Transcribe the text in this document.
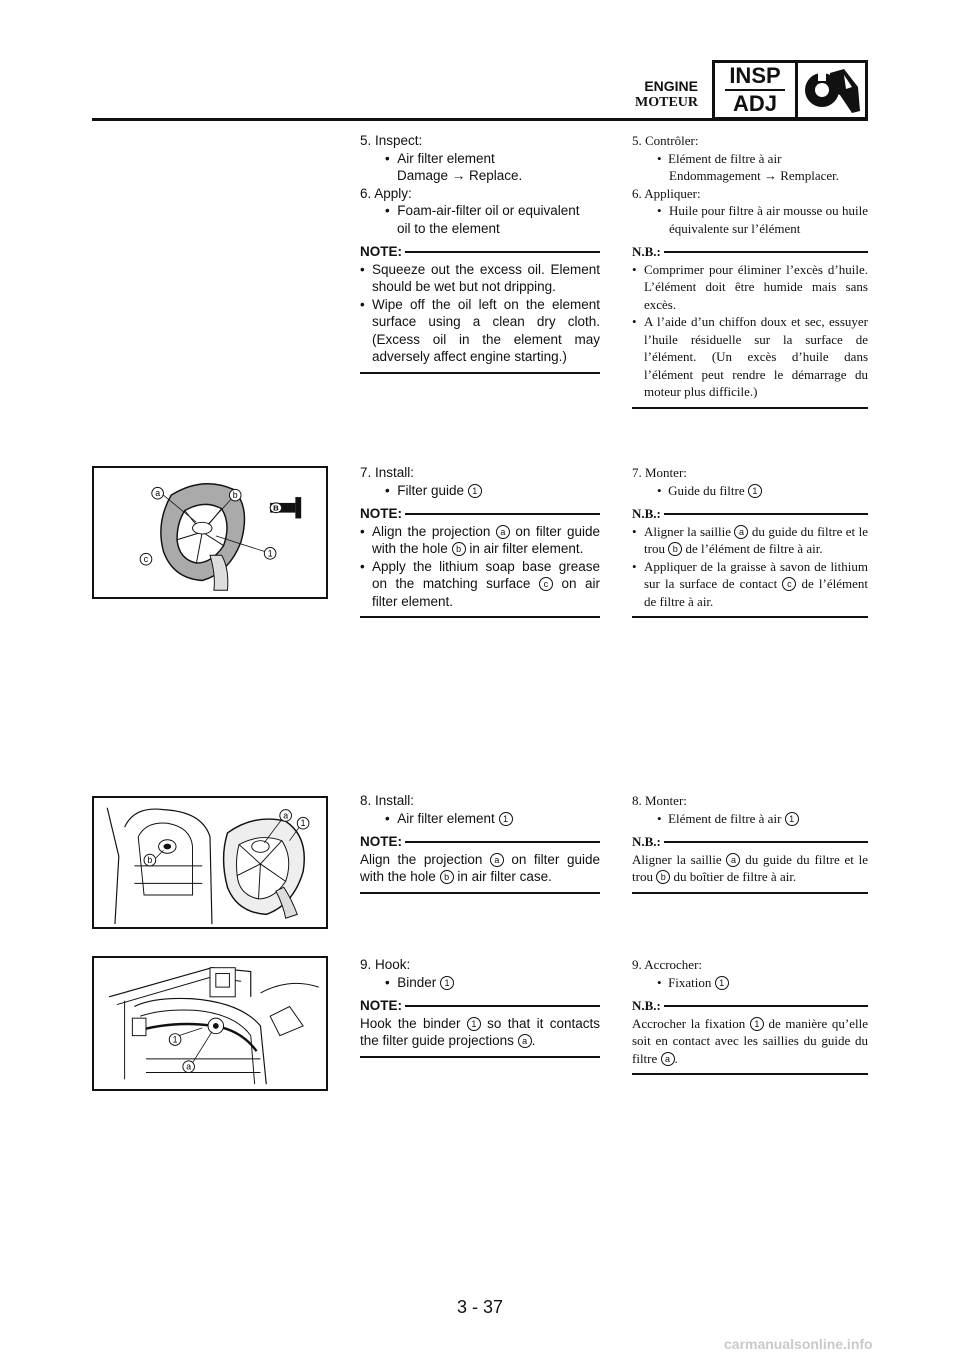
ENGINE
MOTEUR
INSP
ADJ
5. Inspect:
•  Air filter element
Damage → Replace.
6. Apply:
•  Foam-air-filter oil or equivalent
oil to the element
NOTE:
• Squeeze out the excess oil. Element should be wet but not dripping.
• Wipe off the oil left on the element surface using a clean dry cloth. (Excess oil in the element may adversely affect engine starting.)
5. Contrôler:
•  Elément de filtre à air
Endommagement → Remplacer.
6. Appliquer:
• Huile pour filtre à air mousse ou huile équivalente sur l’élément
N.B.:
• Comprimer pour éliminer l’excès d’huile. L’élément doit être humide mais sans excès.
• A l’aide d’un chiffon doux et sec, essuyer l’huile résiduelle sur la surface de l’élément. (Un excès d’huile dans l’élément peut rendre le démarrage du moteur plus difficile.)
a	b
c
1
B
7. Install:
•  Filter guide 1
NOTE:
• Align the projection a on filter guide with the hole b in air filter element.
• Apply the lithium soap base grease on the matching surface c on air filter element.
7. Monter:
•  Guide du filtre 1
N.B.:
• Aligner la saillie a du guide du filtre et le trou b de l’élément de filtre à air.
• Appliquer de la graisse à savon de lithium sur la surface de contact c de l’élément de filtre à air.
a
1
b
8. Install:
•  Air filter element 1
NOTE:
Align the projection a on filter guide with the hole b in air filter case.
8. Monter:
•  Elément de filtre à air 1
N.B.:
Aligner la saillie a du guide du filtre et le trou b du boîtier de filtre à air.
1
a
9. Hook:
•  Binder 1
NOTE:
Hook the binder 1 so that it contacts the filter guide projections a .
9. Accrocher:
•  Fixation 1
N.B.:
Accrocher la fixation 1 de manière qu’elle soit en contact avec les saillies du guide du filtre a .
3 - 37
carmanualsonline.info
